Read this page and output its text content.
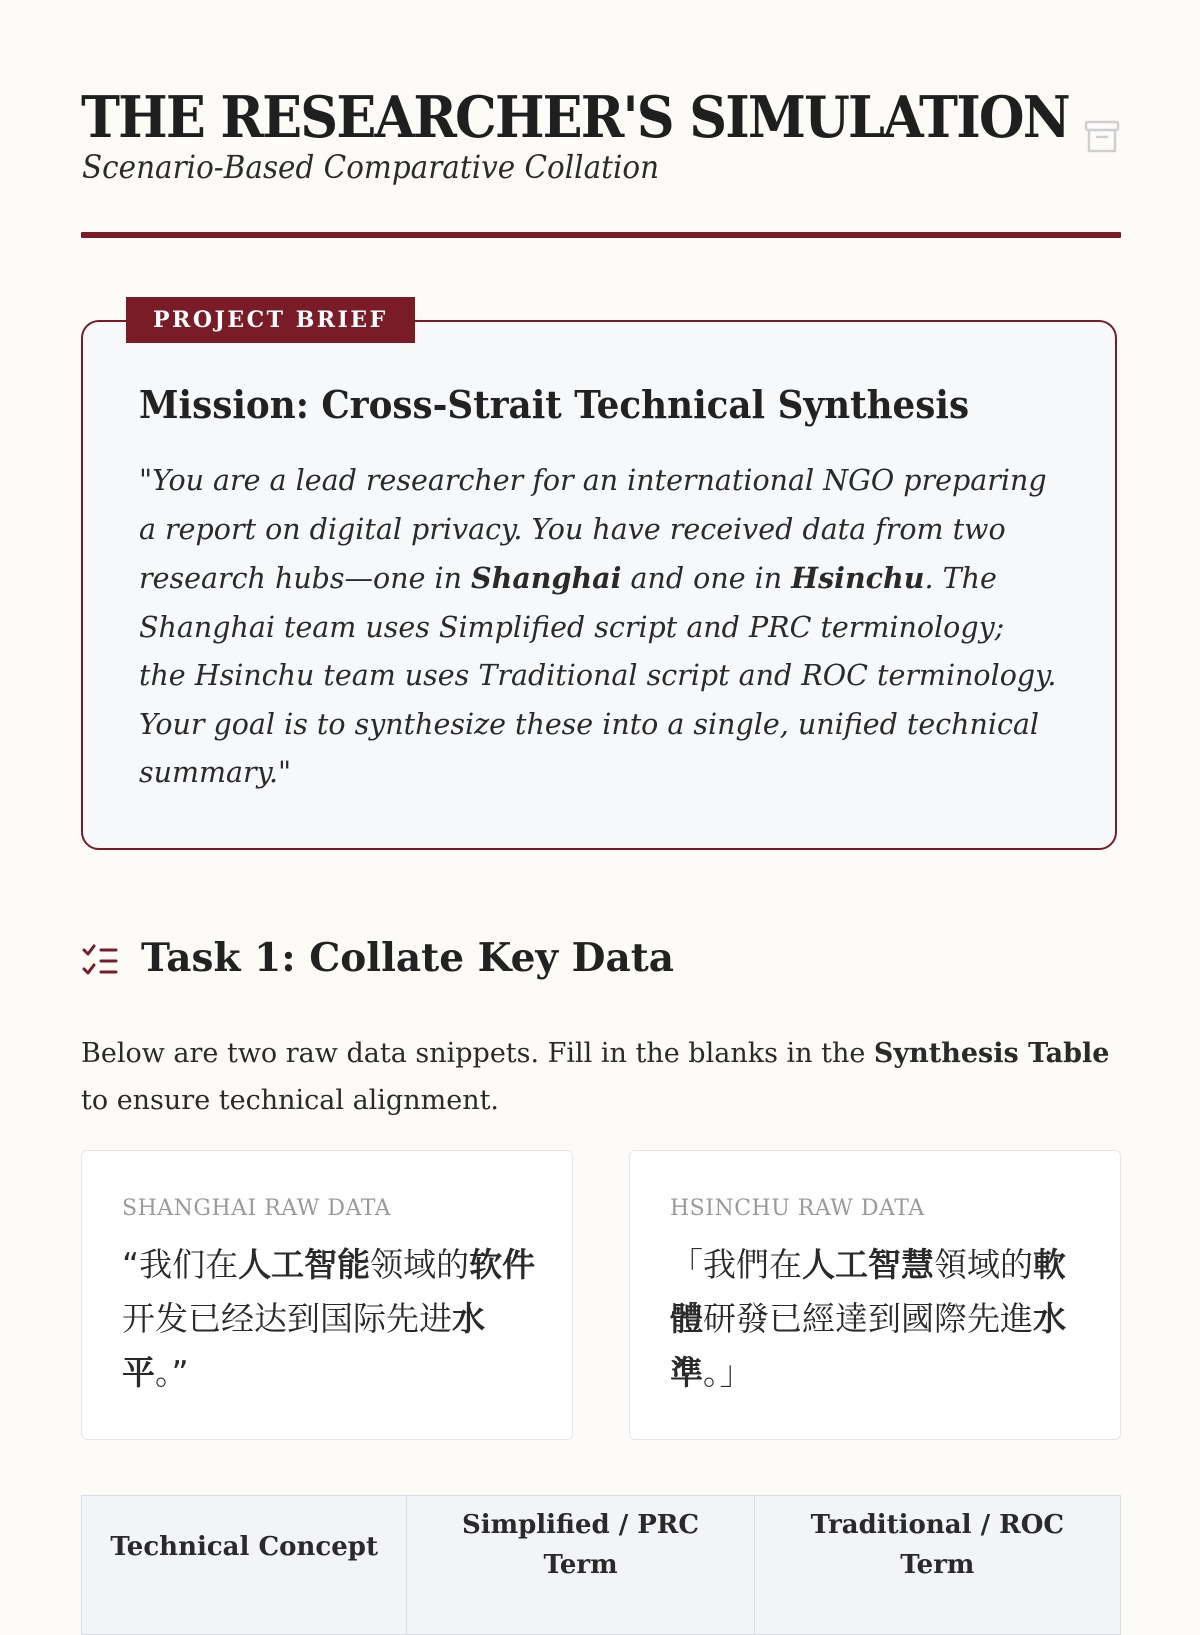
THE RESEARCHER'S SIMULATION

Scenario-Based Comparative Collation

PROJECT BRIEF
Mission: Cross-Strait Technical Synthesis

"You are a lead researcher for an international NGO preparing a report on digital privacy. You have received data from two research hubs—one in Shanghai and one in Hsinchu. The Shanghai team uses Simplified script and PRC terminology; the Hsinchu team uses Traditional script and ROC terminology. Your goal is to synthesize these into a single, unified technical summary."

Task 1: Collate Key Data

Below are two raw data snippets. Fill in the blanks in the Synthesis Table to ensure technical alignment.

SHANGHAI RAW DATA

“我们在人工智能领域的软件开发已经达到国际先进水平。”

HSINCHU RAW DATA

「我們在人工智慧領域的軟體研發已經達到國際先進水準。」

Technical Concept
Simplified / PRC Term
Traditional / ROC Term
